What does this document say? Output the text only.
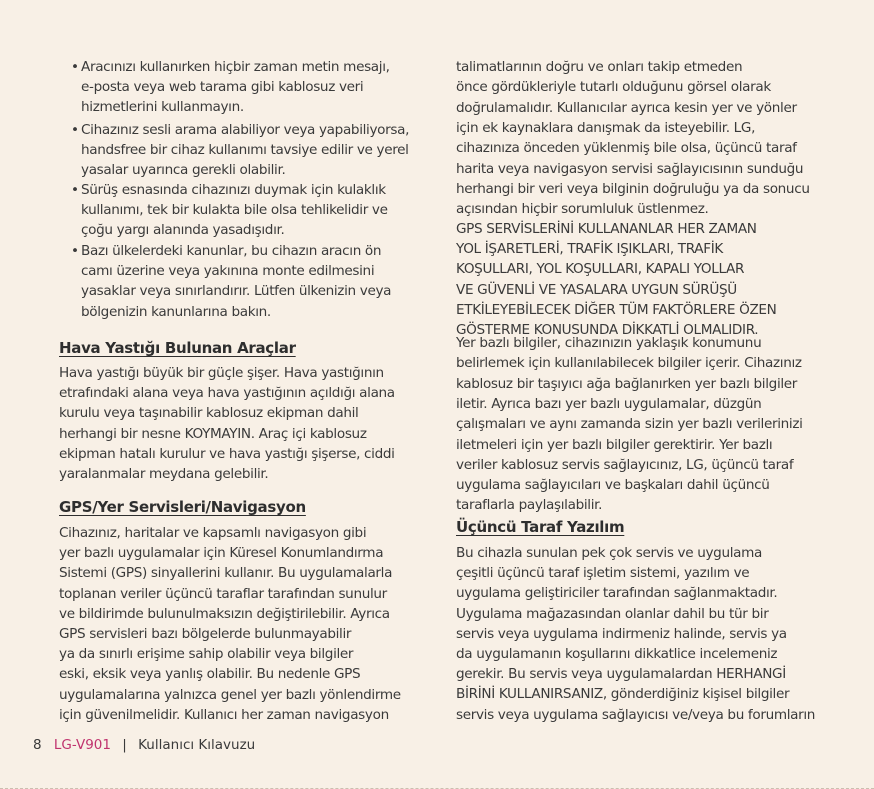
• Aracınızı kullanırken hiçbir zaman metin mesajı,
e-posta veya web tarama gibi kablosuz veri
hizmetlerini kullanmayın.
• Cihazınız sesli arama alabiliyor veya yapabiliyorsa,
handsfree bir cihaz kullanımı tavsiye edilir ve yerel
yasalar uyarınca gerekli olabilir.
• Sürüş esnasında cihazınızı duymak için kulaklık
kullanımı, tek bir kulakta bile olsa tehlikelidir ve
çoğu yargı alanında yasadışıdır.
• Bazı ülkelerdeki kanunlar, bu cihazın aracın ön
camı üzerine veya yakınına monte edilmesini
yasaklar veya sınırlandırır. Lütfen ülkenizin veya
bölgenizin kanunlarına bakın.
Hava Yastığı Bulunan Araçlar
Hava yastığı büyük bir güçle şişer. Hava yastığının
etrafındaki alana veya hava yastığının açıldığı alana
kurulu veya taşınabilir kablosuz ekipman dahil
herhangi bir nesne KOYMAYIN. Araç içi kablosuz
ekipman hatalı kurulur ve hava yastığı şişerse, ciddi
yaralanmalar meydana gelebilir.
GPS/Yer Servisleri/Navigasyon
Cihazınız, haritalar ve kapsamlı navigasyon gibi
yer bazlı uygulamalar için Küresel Konumlandırma
Sistemi (GPS) sinyallerini kullanır. Bu uygulamalarla
toplanan veriler üçüncü taraflar tarafından sunulur
ve bildirimde bulunulmaksızın değiştirilebilir. Ayrıca
GPS servisleri bazı bölgelerde bulunmayabilir
ya da sınırlı erişime sahip olabilir veya bilgiler
eski, eksik veya yanlış olabilir. Bu nedenle GPS
uygulamalarına yalnızca genel yer bazlı yönlendirme
için güvenilmelidir. Kullanıcı her zaman navigasyon
talimatlarının doğru ve onları takip etmeden
önce gördükleriyle tutarlı olduğunu görsel olarak
doğrulamalıdır. Kullanıcılar ayrıca kesin yer ve yönler
için ek kaynaklara danışmak da isteyebilir. LG,
cihazınıza önceden yüklenmiş bile olsa, üçüncü taraf
harita veya navigasyon servisi sağlayıcısının sunduğu
herhangi bir veri veya bilginin doğruluğu ya da sonucu
açısından hiçbir sorumluluk üstlenmez.
GPS SERVİSLERİNİ KULLANANLAR HER ZAMAN
YOL İŞARETLERİ, TRAFİK IŞIKLARI, TRAFİK
KOŞULLARI, YOL KOŞULLARI, KAPALI YOLLAR
VE GÜVENLİ VE YASALARA UYGUN SÜRÜŞÜ
ETKİLEYEBİLECEK DİĞER TÜM FAKTÖRLERE ÖZEN
GÖSTERME KONUSUNDA DİKKATLİ OLMALIDIR.
Yer bazlı bilgiler, cihazınızın yaklaşık konumunu
belirlemek için kullanılabilecek bilgiler içerir. Cihazınız
kablosuz bir taşıyıcı ağa bağlanırken yer bazlı bilgiler
iletir. Ayrıca bazı yer bazlı uygulamalar, düzgün
çalışmaları ve aynı zamanda sizin yer bazlı verilerinizi
iletmeleri için yer bazlı bilgiler gerektirir. Yer bazlı
veriler kablosuz servis sağlayıcınız, LG, üçüncü taraf
uygulama sağlayıcıları ve başkaları dahil üçüncü
taraflarla paylaşılabilir.
Üçüncü Taraf Yazılım
Bu cihazla sunulan pek çok servis ve uygulama
çeşitli üçüncü taraf işletim sistemi, yazılım ve
uygulama geliştiriciler tarafından sağlanmaktadır.
Uygulama mağazasından olanlar dahil bu tür bir
servis veya uygulama indirmeniz halinde, servis ya
da uygulamanın koşullarını dikkatlice incelemeniz
gerekir. Bu servis veya uygulamalardan HERHANGİ
BİRİNİ KULLANIRSANIZ, gönderdiğiniz kişisel bilgiler
servis veya uygulama sağlayıcısı ve/veya bu forumların
8 LG-V901 | Kullanıcı Kılavuzu
